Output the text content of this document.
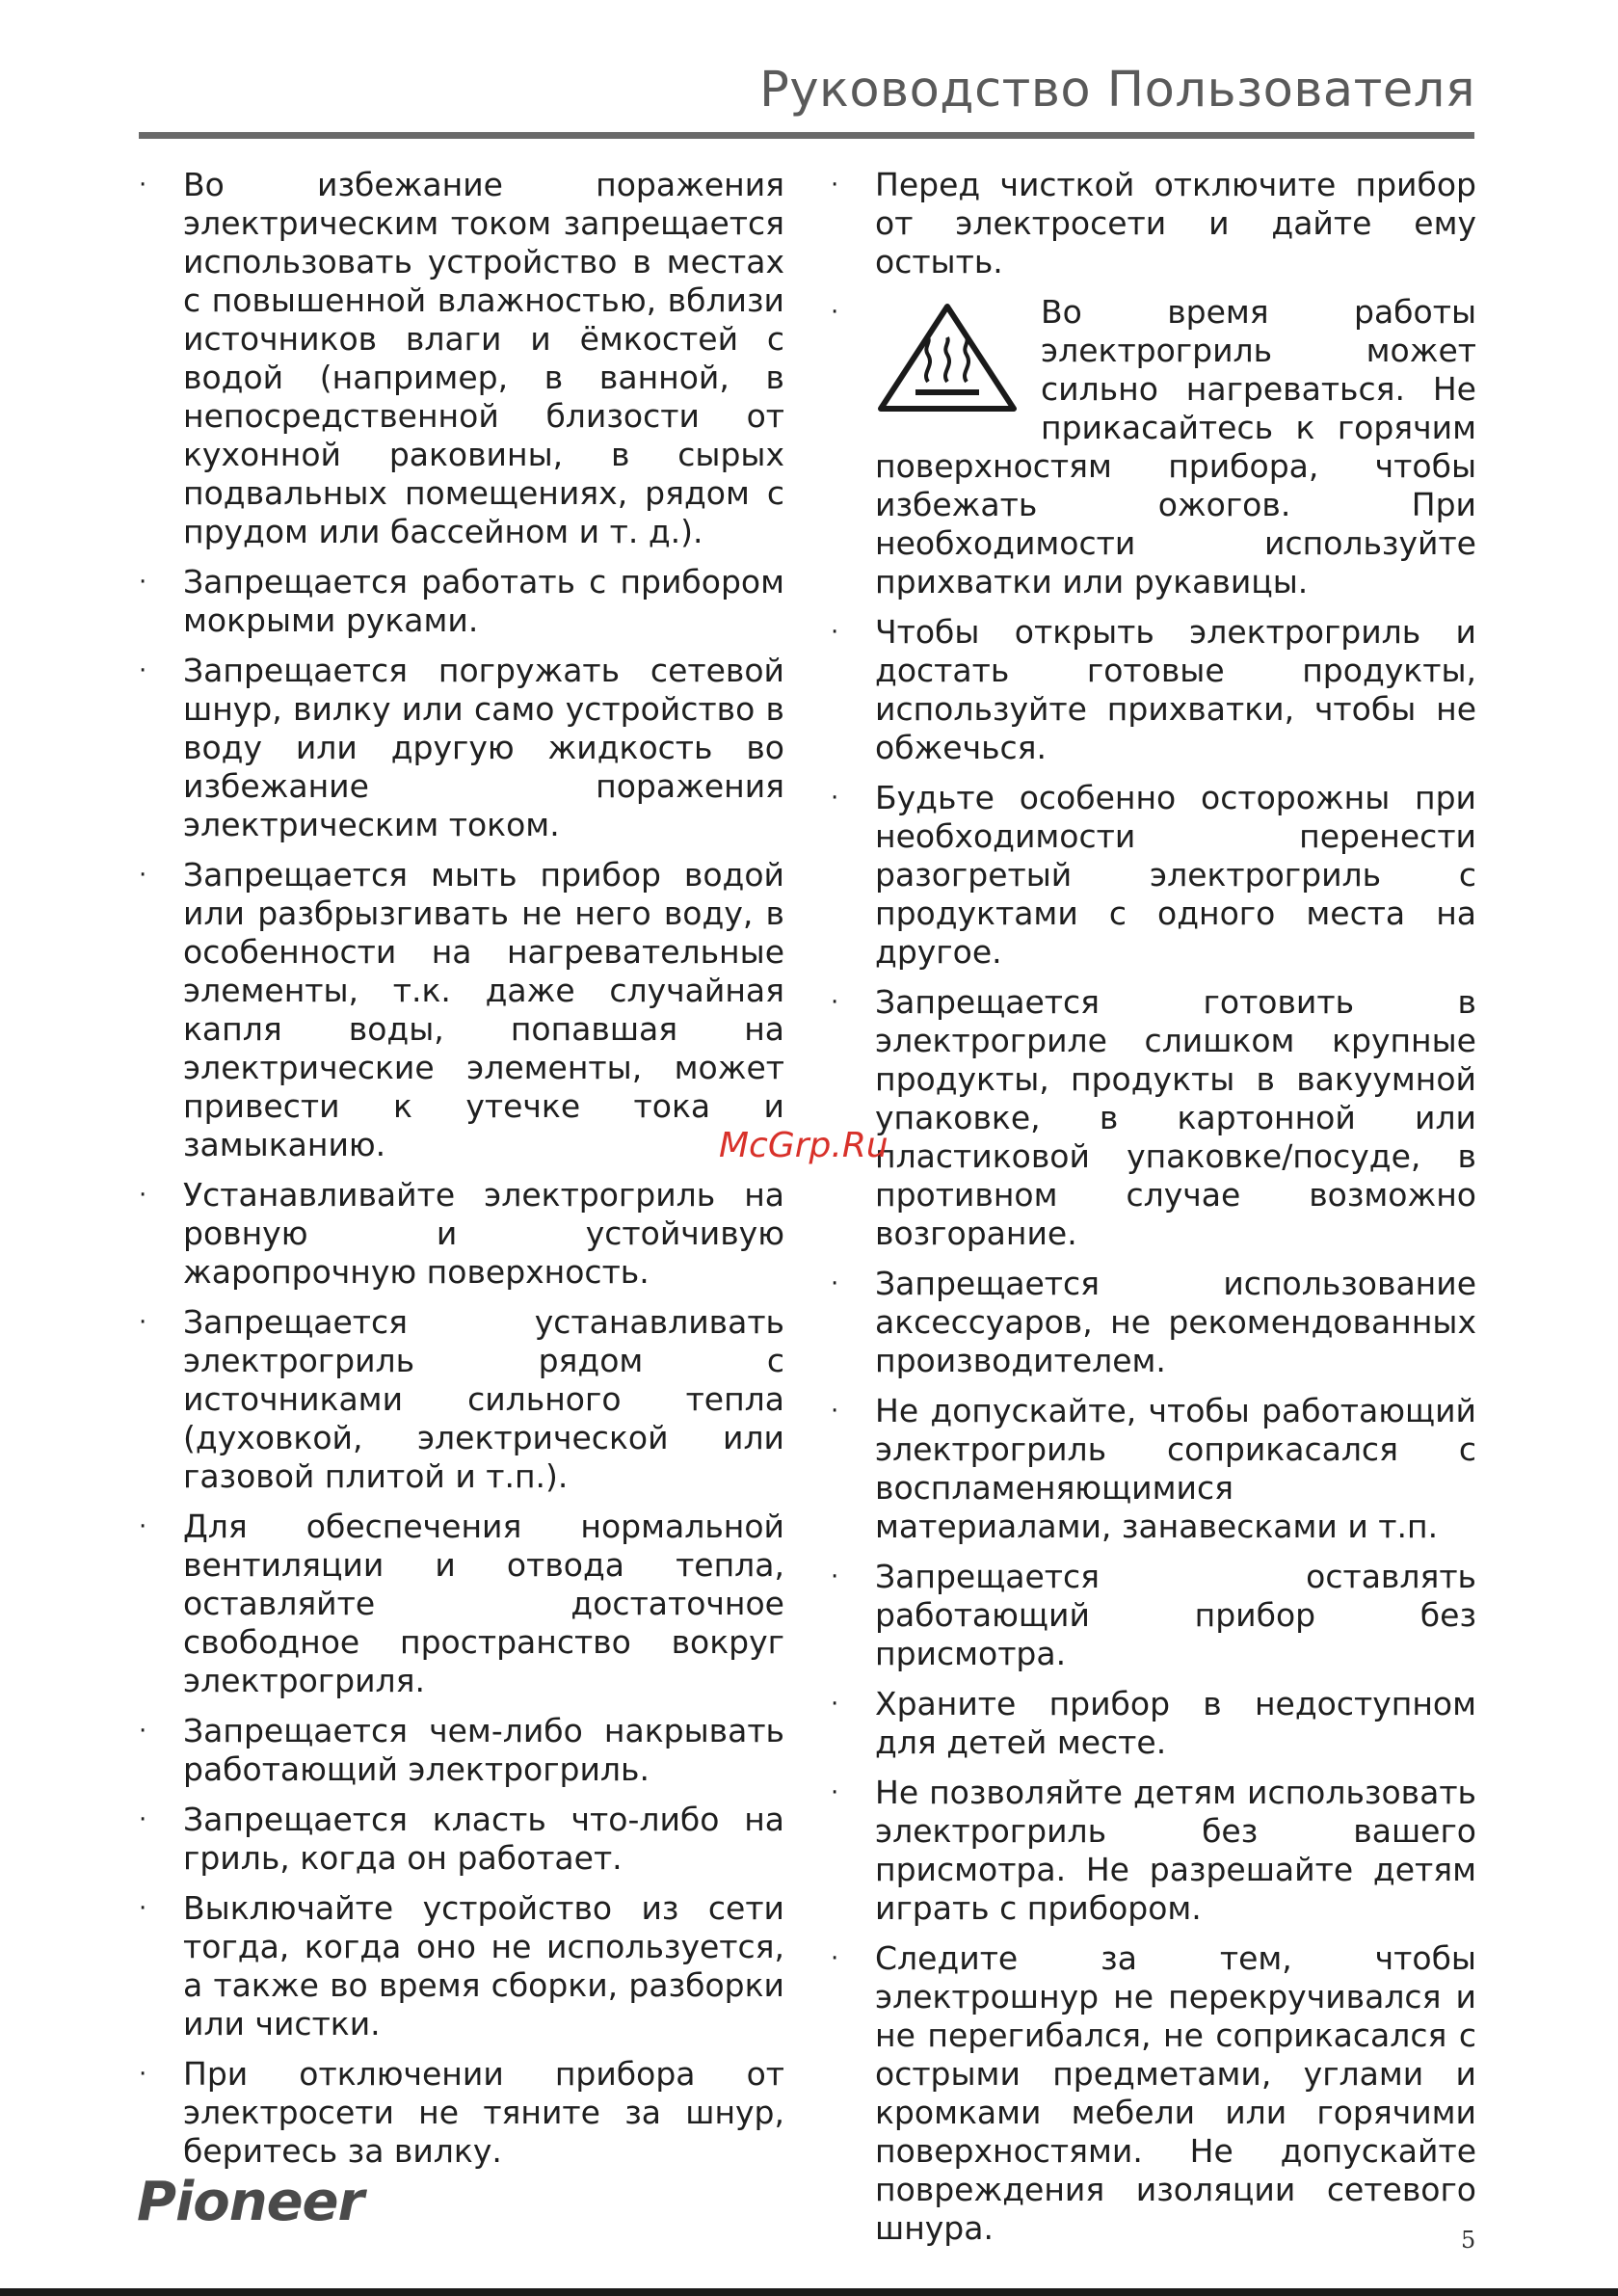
Руководство Пользователя
·	Во избежание поражения электрическим током запрещается использовать устройство в местах с повышенной влажностью, вблизи источников влаги и ёмкостей с водой (например, в ванной, в непосредственной близости от кухонной раковины, в сырых подвальных помещениях, рядом с прудом или бассейном и т. д.).
·	Запрещается работать с прибором мокрыми руками.
·	Запрещается погружать сетевой шнур, вилку или само устройство в воду или другую жидкость во избежание поражения электрическим током.
·	Запрещается мыть прибор водой или разбрызгивать не него воду, в особенности на нагревательные элементы, т.к. даже случайная капля воды, попавшая на электрические элементы, может привести к утечке тока и замыканию.
·	Устанавливайте электрогриль на ровную и устойчивую жаропрочную поверхность.
·	Запрещается устанавливать электрогриль рядом с источниками сильного тепла (духовкой, электрической или газовой плитой и т.п.).
·	Для обеспечения нормальной вентиляции и отвода тепла, оставляйте достаточное свободное пространство вокруг электрогриля.
·	Запрещается чем-либо накрывать работающий электрогриль.
·	Запрещается класть что-либо на гриль, когда он работает.
·	Выключайте устройство из сети тогда, когда оно не используется, а также во время сборки, разборки или чистки.
·	При отключении прибора от электросети не тяните за шнур, беритесь за вилку.
·	Перед чисткой отключите прибор от электросети и дайте ему остыть.
·	Во время работы электрогриль может сильно нагреваться. Не прикасайтесь к горячим поверхностям прибора, чтобы избежать ожогов. При необходимости используйте прихватки или рукавицы.
·	Чтобы открыть электрогриль и достать готовые продукты, используйте прихватки, чтобы не обжечься.
·	Будьте особенно осторожны при необходимости перенести разогретый электрогриль с продуктами с одного места на другое.
·	Запрещается готовить в электрогриле слишком крупные продукты, продукты в вакуумной упаковке, в картонной или пластиковой упаковке/посуде, в противном случае возможно возгорание.
·	Запрещается использование аксессуаров, не рекомендованных производителем.
·	Не допускайте, чтобы работающий электрогриль соприкасался с воспламеняющимися материалами, занавесками и т.п.
·	Запрещается оставлять работающий прибор без присмотра.
·	Храните прибор в недоступном для детей месте.
·	Не позволяйте детям использовать электрогриль без вашего присмотра. Не разрешайте детям играть с прибором.
·	Следите за тем, чтобы электрошнур не перекручивался и не перегибался, не соприкасался с острыми предметами, углами и кромками мебели или горячими поверхностями. Не допускайте повреждения изоляции сетевого шнура.
McGrp.Ru
Pioneer
5
